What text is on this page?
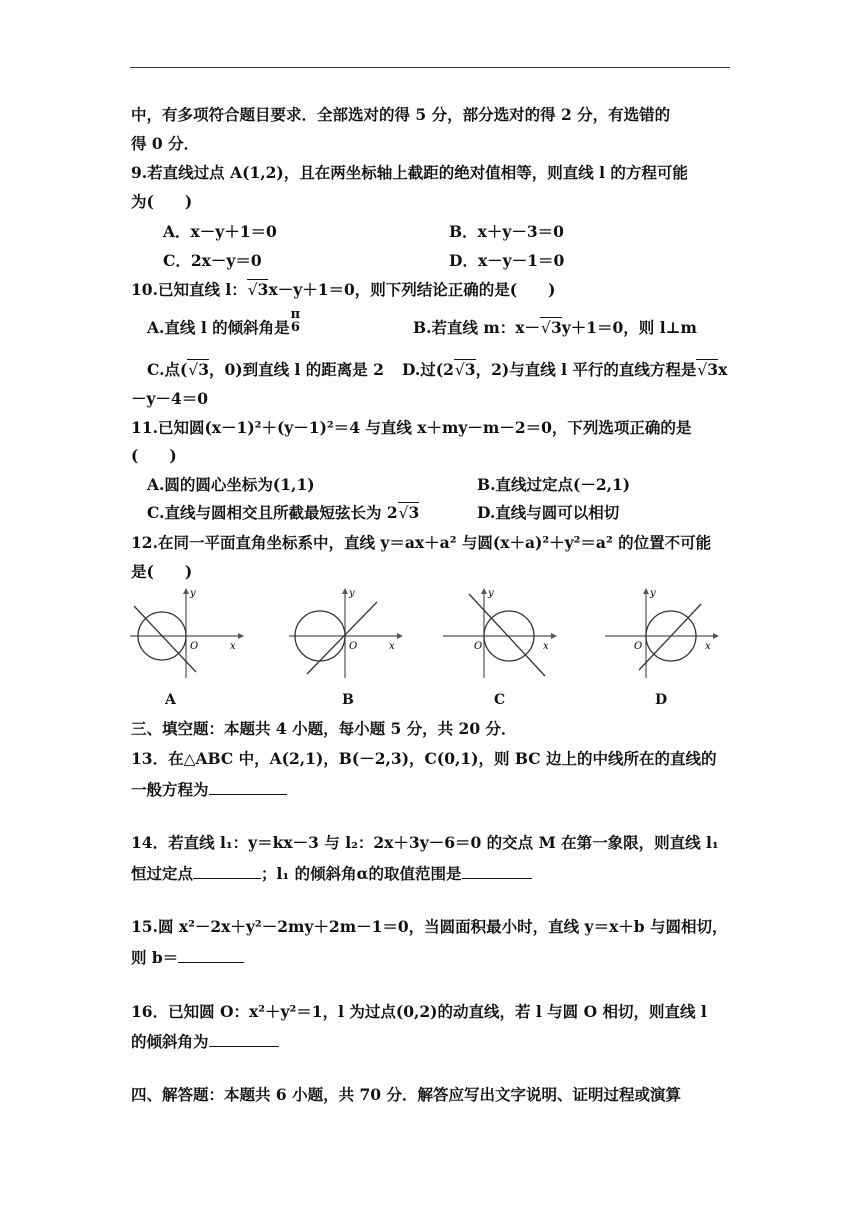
中，有多项符合题目要求．全部选对的得 5 分，部分选对的得 2 分，有选错的
得 0 分．
9.若直线过点 A(1,2)，且在两坐标轴上截距的绝对值相等，则直线 l 的方程可能
为(　　)
A．x－y＋1＝0	B．x＋y－3＝0
C．2x－y＝0	D．x－y－1＝0
10.已知直线 l： √ 3x－y＋1＝0，则下列结论正确的是(　　)
A.直线 l 的倾斜角是
π
6	B.若直线 m：x－ √ 3y＋1＝0，则 l⊥m
C.点( √ 3，0)到直线 l 的距离是 2 D.过(2 √ 3，2)与直线 l 平行的直线方程是 √ 3x
－y－4＝0
11.已知圆(x－1)²＋(y－1)²＝4 与直线 x＋my－m－2＝0，下列选项正确的是
(　　)
A.圆的圆心坐标为(1,1)	B.直线过定点(－2,1)
C.直线与圆相交且所截最短弦长为 2 √ 3	D.直线与圆可以相切
12.在同一平面直角坐标系中，直线 y＝ax＋a² 与圆(x＋a)²＋y²＝a² 的位置不可能
是(　　)
y
x
O
A
y
x
O
B
y
x
O
C
y
x
O
D
三、填空题：本题共 4 小题，每小题 5 分，共 20 分．
13．在△ABC 中，A(2,1)，B(－2,3)，C(0,1)，则 BC 边上的中线所在的直线的
一般方程为
14．若直线 l₁：y＝kx－3 与 l₂：2x＋3y－6＝0 的交点 M 在第一象限，则直线 l₁
恒过定点	；l₁ 的倾斜角α的取值范围是
15.圆 x²－2x＋y²－2my＋2m－1＝0，当圆面积最小时，直线 y＝x＋b 与圆相切，
则 b＝
16．已知圆 O：x²＋y²＝1，l 为过点(0,2)的动直线，若 l 与圆 O 相切，则直线 l
的倾斜角为
四、解答题：本题共 6 小题，共 70 分．解答应写出文字说明、证明过程或演算
